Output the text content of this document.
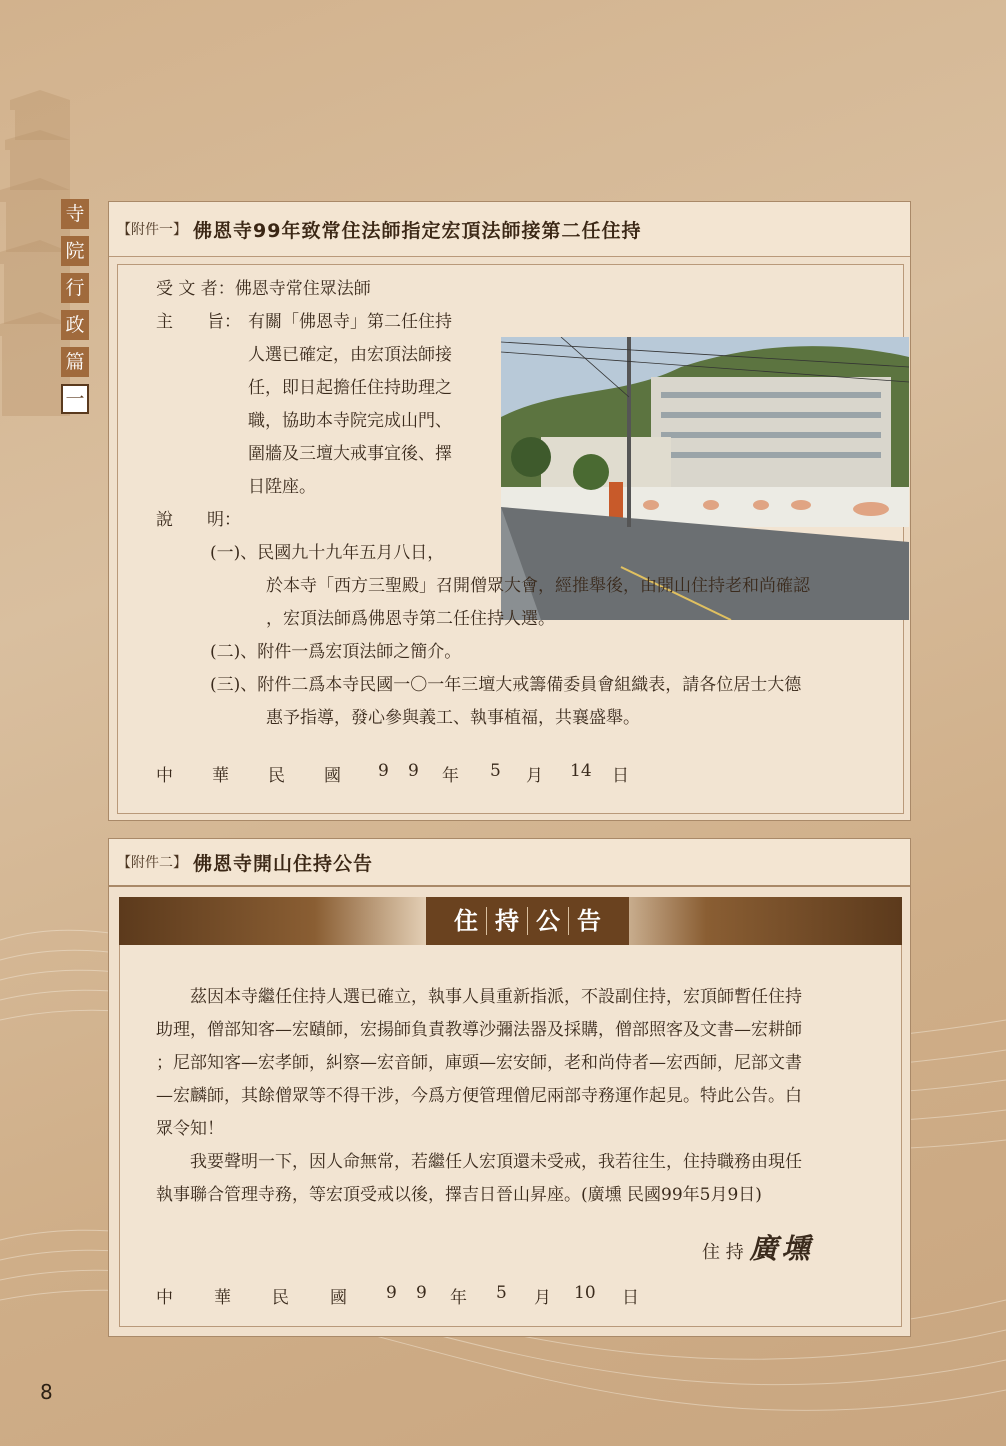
寺
院
行
政
篇
一
【附件一】 佛恩寺99年致常住法師指定宏頂法師接第二任住持
受 文 者：佛恩寺常住眾法師
主　　旨： 有關「佛恩寺」第二任住持
人選已確定，由宏頂法師接
任，即日起擔任住持助理之
職，協助本寺院完成山門、
圍牆及三壇大戒事宜後、擇
日陞座。
說　　明：
(一)、民國九十九年五月八日，
於本寺「西方三聖殿」召開僧眾大會，經推舉後，由開山住持老和尚確認
，宏頂法師爲佛恩寺第二任住持人選。
(二)、附件一爲宏頂法師之簡介。
(三)、附件二爲本寺民國一〇一年三壇大戒籌備委員會組織表，請各位居士大德
惠予指導，發心參與義工、執事植福，共襄盛舉。
中	華	民	國	9	9	年	5	月	14	日
【附件二】 佛恩寺開山住持公告
住 持 公 告
茲因本寺繼任住持人選已確立，執事人員重新指派，不設副住持，宏頂師暫任住持
助理，僧部知客—宏賾師，宏揚師負責教導沙彌法器及採購，僧部照客及文書—宏耕師
；尼部知客—宏孝師，糾察—宏音師，庫頭—宏安師，老和尚侍者—宏西師，尼部文書
—宏麟師，其餘僧眾等不得干涉，今爲方便管理僧尼兩部寺務運作起見。特此公告。白
眾令知！
我要聲明一下，因人命無常，若繼任人宏頂還未受戒，我若往生，住持職務由現任
執事聯合管理寺務，等宏頂受戒以後，擇吉日晉山昇座。(廣壎 民國99年5月9日)
住 持 廣壎
中	華	民	國	9	9	年	5	月	10	日
8
